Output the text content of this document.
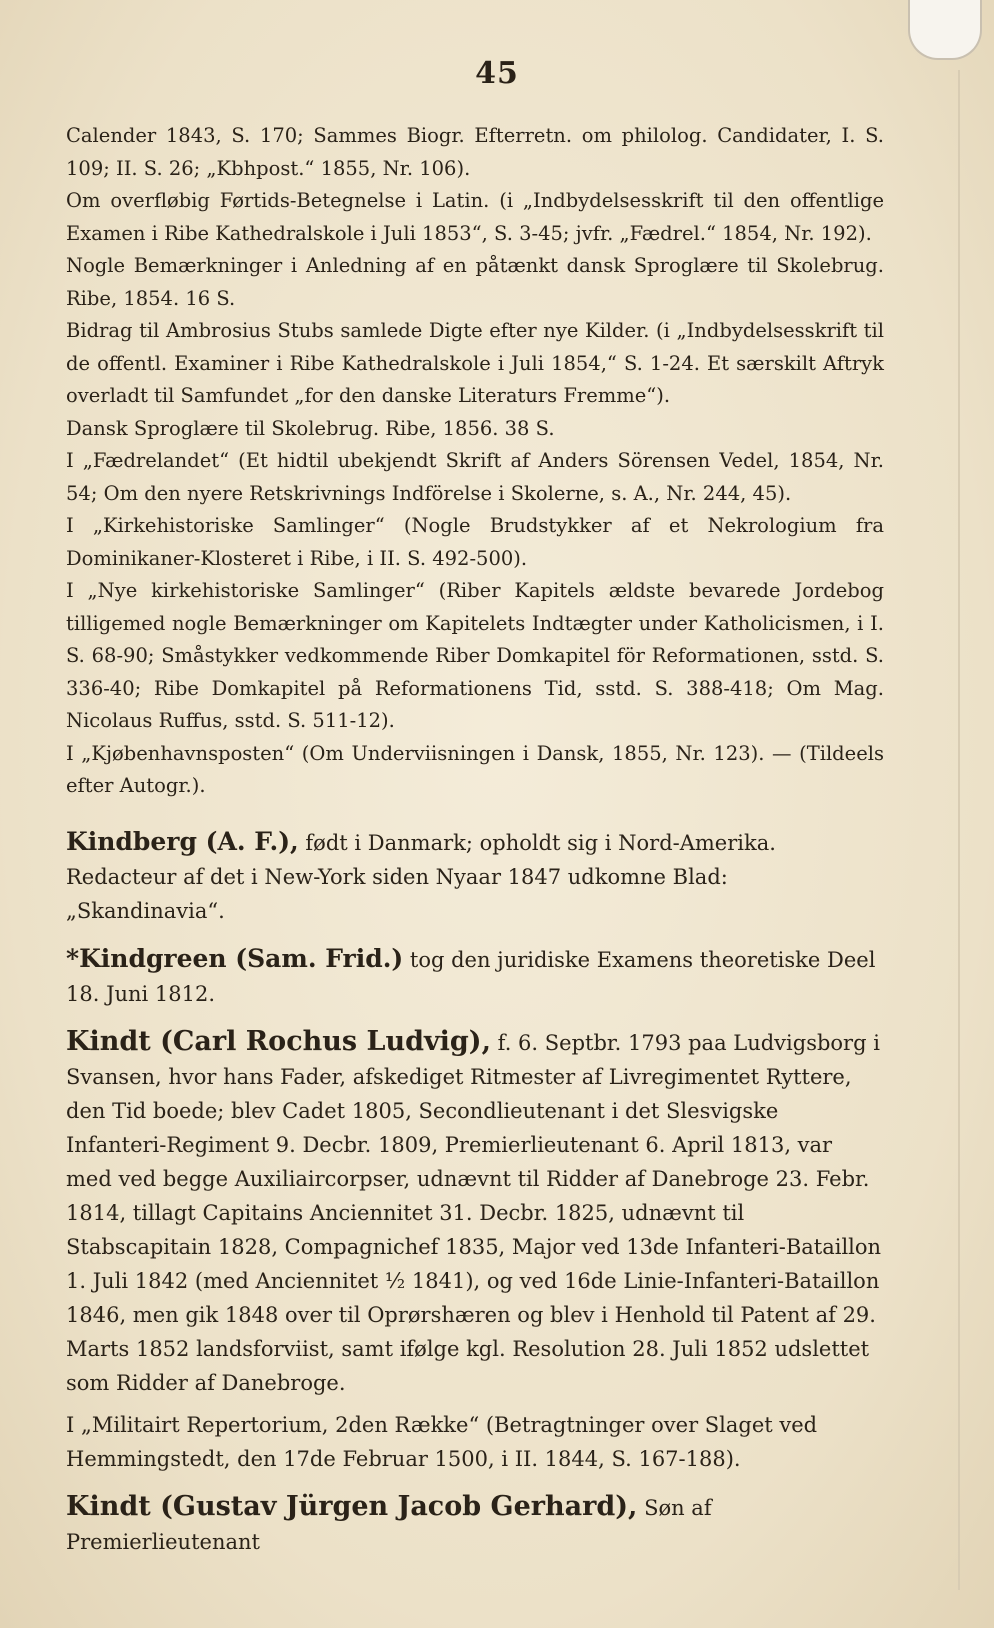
45

Calender 1843, S. 170; Sammes Biogr. Efterretn. om philolog. Candidater, I. S. 109; II. S. 26; „Kbhpost.“ 1855, Nr. 106).

Om overfløbig Førtids-Betegnelse i Latin. (i „Indbydelsesskrift til den offentlige Examen i Ribe Kathedralskole i Juli 1853“, S. 3-45; jvfr. „Fædrel.“ 1854, Nr. 192).

Nogle Bemærkninger i Anledning af en påtænkt dansk Sproglære til Skolebrug. Ribe, 1854. 16 S.

Bidrag til Ambrosius Stubs samlede Digte efter nye Kilder. (i „Indbydelsesskrift til de offentl. Examiner i Ribe Kathedralskole i Juli 1854,“ S. 1-24. Et særskilt Aftryk overladt til Samfundet „for den danske Literaturs Fremme“).

Dansk Sproglære til Skolebrug. Ribe, 1856. 38 S.

I „Fædrelandet“ (Et hidtil ubekjendt Skrift af Anders Sörensen Vedel, 1854, Nr. 54; Om den nyere Retskrivnings Indförelse i Skolerne, s. A., Nr. 244, 45).

I „Kirkehistoriske Samlinger“ (Nogle Brudstykker af et Nekrologium fra Dominikaner-Klosteret i Ribe, i II. S. 492-500).

I „Nye kirkehistoriske Samlinger“ (Riber Kapitels ældste bevarede Jordebog tilligemed nogle Bemærkninger om Kapitelets Indtægter under Katholicismen, i I. S. 68-90; Småstykker vedkommende Riber Domkapitel för Reformationen, sstd. S. 336-40; Ribe Domkapitel på Reformationens Tid, sstd. S. 388-418; Om Mag. Nicolaus Ruffus, sstd. S. 511-12).

I „Kjøbenhavnsposten“ (Om Underviisningen i Dansk, 1855, Nr. 123). — (Tildeels efter Autogr.).

Kindberg (A. F.), født i Danmark; opholdt sig i Nord-Amerika.
Redacteur af det i New-York siden Nyaar 1847 udkomne Blad: „Skandinavia“.
*Kindgreen (Sam. Frid.) tog den juridiske Examens theoretiske Deel 18. Juni 1812.
Kindt (Carl Rochus Ludvig), f. 6. Septbr. 1793 paa Ludvigsborg i Svansen, hvor hans Fader, afskediget Ritmester af Livregimentet Ryttere, den Tid boede; blev Cadet 1805, Secondlieutenant i det Slesvigske Infanteri-Regiment 9. Decbr. 1809, Premierlieutenant 6. April 1813, var med ved begge Auxiliaircorpser, udnævnt til Ridder af Danebroge 23. Febr. 1814, tillagt Capitains Anciennitet 31. Decbr. 1825, udnævnt til Stabscapitain 1828, Compagnichef 1835, Major ved 13de Infanteri-Bataillon 1. Juli 1842 (med Anciennitet ½ 1841), og ved 16de Linie-Infanteri-Bataillon 1846, men gik 1848 over til Oprørshæren og blev i Henhold til Patent af 29. Marts 1852 landsforviist, samt ifølge kgl. Resolution 28. Juli 1852 udslettet som Ridder af Danebroge.
I „Militairt Repertorium, 2den Række“ (Betragtninger over Slaget ved Hemmingstedt, den 17de Februar 1500, i II. 1844, S. 167-188).
Kindt (Gustav Jürgen Jacob Gerhard), Søn af Premierlieutenant
